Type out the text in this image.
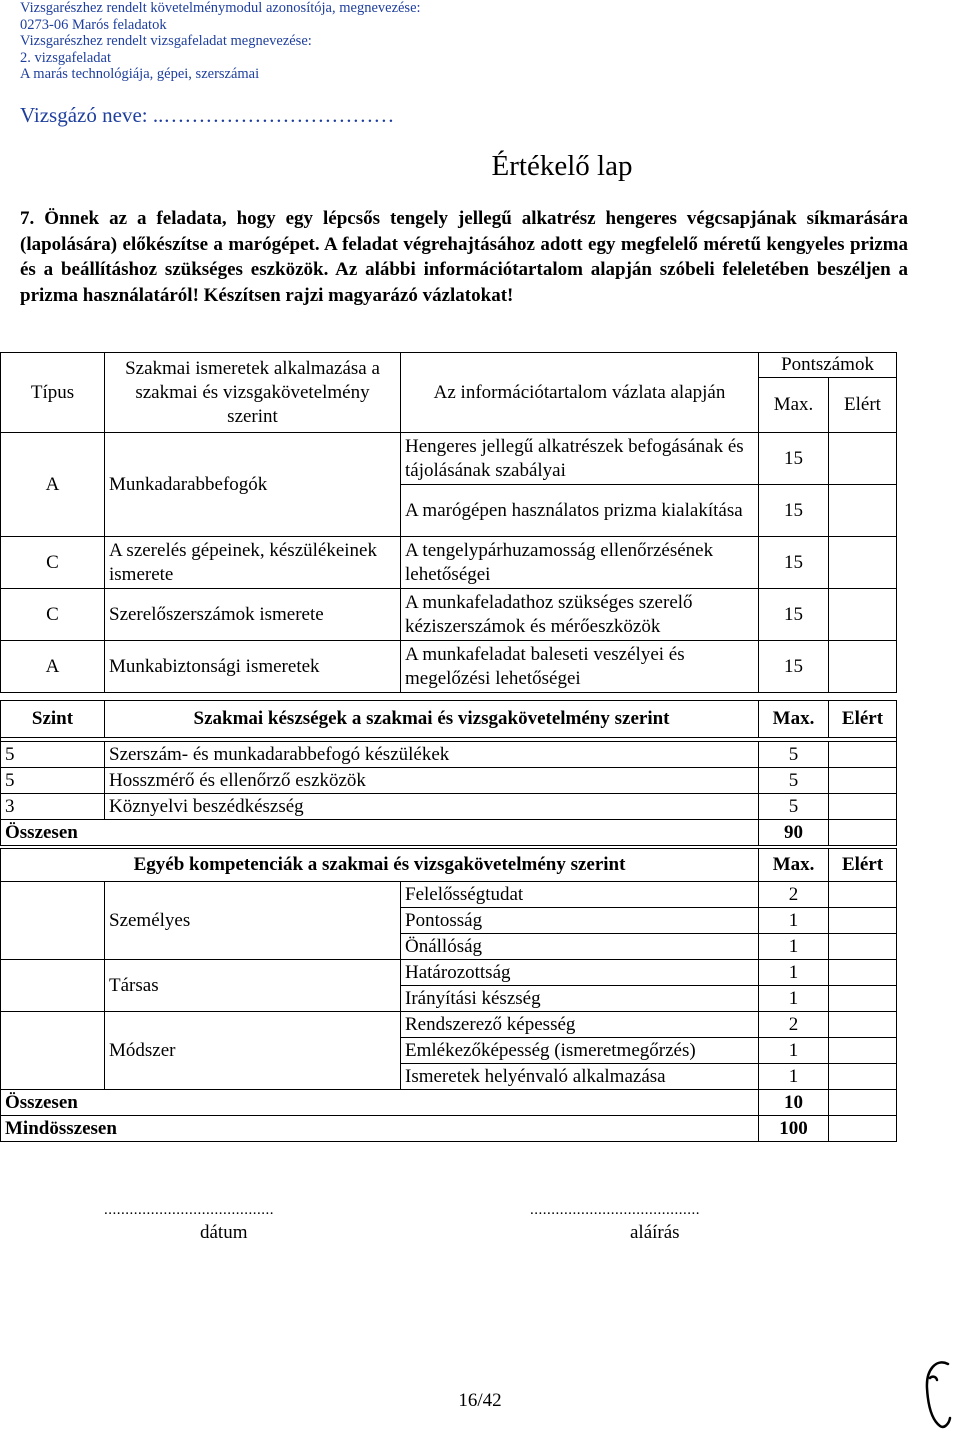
Vizsgarészhez rendelt követelménymodul azonosítója, megnevezése:
0273-06 Marós feladatok
Vizsgarészhez rendelt vizsgafeladat megnevezése:
2. vizsgafeladat
A marás technológiája, gépei, szerszámai
Vizsgázó neve: ..……………………………
Értékelő lap
7. Önnek az a feladata, hogy egy lépcsős tengely jellegű alkatrész hengeres végcsapjának síkmarására (lapolására) előkészítse a marógépet. A feladat végrehajtásához adott egy megfelelő méretű kengyeles prizma és a beállításhoz szükséges eszközök. Az alábbi információtartalom alapján szóbeli feleletében beszéljen a prizma használatáról! Készítsen rajzi magyarázó vázlatokat!
Típus	Szakmai ismeretek alkalmazása a szakmai és vizsgakövetelmény szerint	Az információtartalom vázlata alapján	Pontszámok	
			Max.	Elért
A	Munkadarabbefogók	Hengeres jellegű alkatrészek befogásának és tájolásának szabályai	15	
		A marógépen használatos prizma kialakítása	15	
C	A szerelés gépeinek, készülékeinek ismerete	A tengelypárhuzamosság ellenőrzésének lehetőségei	15	
C	Szerelőszerszámok ismerete	A munkafeladathoz szükséges szerelő kéziszerszámok és mérőeszközök	15	
A	Munkabiztonsági ismeretek	A munkafeladat baleseti veszélyei és megelőzési lehetőségei	15	
Szint	Szakmai készségek a szakmai és vizsgakövetelmény szerint	Max.	Elért

5	Szerszám- és munkadarabbefogó készülékek	5	
5	Hosszmérő és ellenőrző eszközök	5	
3	Köznyelvi beszédkészség	5	
Összesen		90	
Egyéb kompetenciák a szakmai és vizsgakövetelmény szerint			Max.	Elért
	Személyes	Felelősségtudat	2	
		Pontosság	1	
		Önállóság	1	
	Társas	Határozottság	1	
		Irányítási készség	1	
	Módszer	Rendszerező képesség	2	
		Emlékezőképesség (ismeretmegőrzés)	1	
		Ismeretek helyénvaló alkalmazása	1	
Összesen			10	
Mindösszesen			100	
........................................
dátum
........................................
aláírás
16/42
